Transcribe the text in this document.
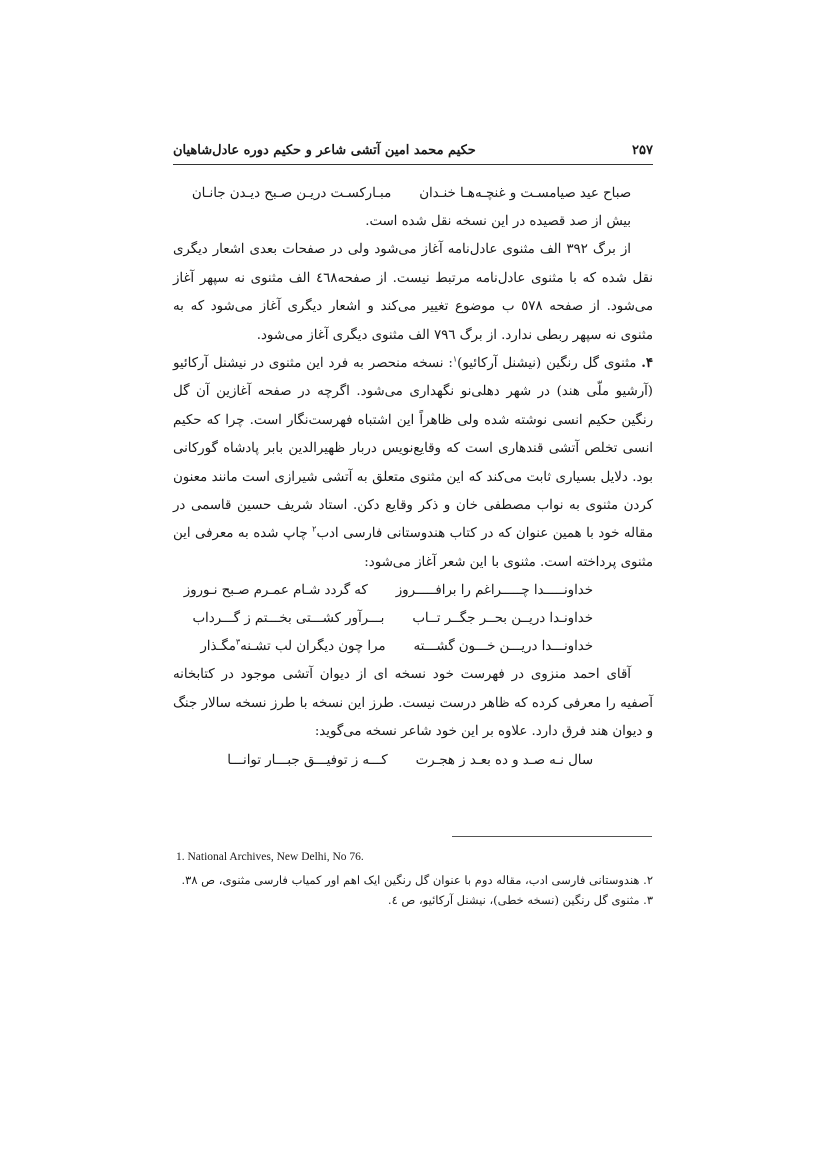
۲۵۷
حکیم محمد امین آتشی شاعر و حکیم دوره عادل‌شاهیان
صباح عید صیامسـت و غنچـه‌هـا خنـدان
مبـارکسـت دریـن صـبح دیـدن جانـان
بیش از صد قصیده در این نسخه نقل شده است.
از برگ ۳۹۲ الف مثنوی عادل‌نامه آغاز می‌شود ولی در صفحات بعدی اشعار دیگری نقل شده که با مثنوی عادل‌نامه مرتبط نیست. از صفحه٤٦٨ الف مثنوی نه سپهر آغاز می‌شود. از صفحه ٥٧٨ ب موضوع تغییر می‌کند و اشعار دیگری آغاز می‌شود که به مثنوی نه سپهر ربطی ندارد. از برگ ٧٩٦ الف مثنوی دیگری آغاز می‌شود.
۴. مثنوی گل رنگین (نیشنل آرکائیو)$^۱$: نسخه منحصر به فرد این مثنوی در نیشنل آرکائیو (آرشیو ملّی هند) در شهر دهلی‌نو نگهداری می‌شود. اگرچه در صفحه آغازین آن گل رنگین حکیم انسی نوشته شده ولی ظاهراً این اشتباه فهرست‌نگار است. چرا که حکیم انسی تخلص آتشی قندهاری است که وقایع‌نویس دربار ظهیرالدین بابر پادشاه گورکانی بود. دلایل بسیاری ثابت می‌کند که این مثنوی متعلق به آتشی شیرازی است مانند معنون کردن مثنوی به نواب مصطفی خان و ذکر وقایع دکن. استاد شریف حسین قاسمی در مقاله خود با همین عنوان که در کتاب هندوستانی فارسی ادب$^۲$ چاپ شده به معرفی این مثنوی پرداخته است. مثنوی با این شعر آغاز می‌شود:
خداونـــــدا چـــــراغم را برافـــــروز
که گردد شـام عمـرم صـبح نـوروز
خداونـدا دریــن بحــر جگــر تــاب
بـــرآور کشـــتی بخـــتم ز گـــرداب
خداونـــدا دریـــن خـــون گشـــته
مرا چون دیگران لب تشـنه$^۳$مگـذار
آقای احمد منزوی در فهرست خود نسخه ای از دیوان آتشی موجود در کتابخانه آصفیه را معرفی کرده که ظاهر درست نیست. طرز این نسخه با طرز نسخه سالار جنگ و دیوان هند فرق دارد. علاوه بر این خود شاعر نسخه می‌گوید:
سال نـه صـد و ده بعـد ز هجـرت
کـــه ز توفیـــق جبـــار توانـــا
1. National Archives, New Delhi, No 76.
۲. هندوستانی فارسی ادب، مقاله دوم با عنوان گل رنگین ایک اهم اور کمیاب فارسی مثنوی، ص ۳۸.
۳. مثنوی گل رنگین (نسخه خطی)، نیشنل آرکائیو، ص ٤.
